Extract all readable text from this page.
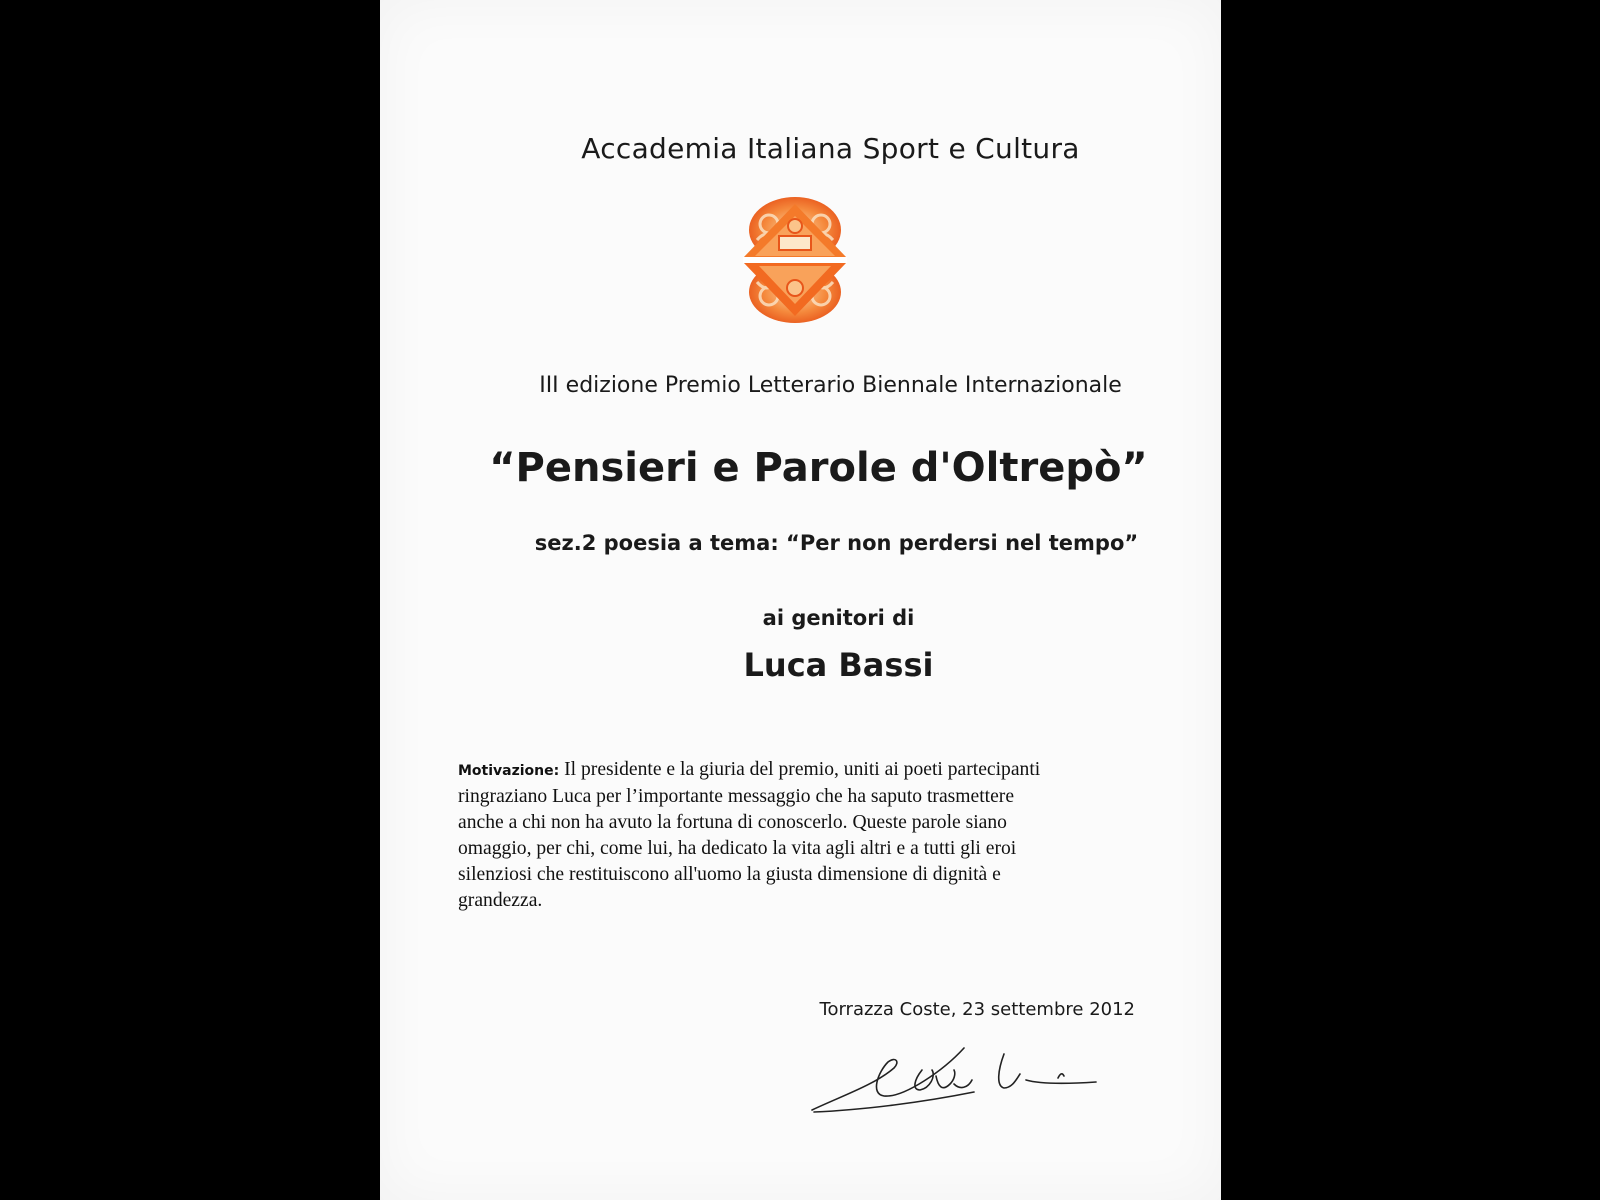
Accademia Italiana Sport e Cultura
III edizione Premio Letterario Biennale Internazionale
“Pensieri e Parole d'Oltrepò”
sez.2 poesia a tema: “Per non perdersi nel tempo”
ai genitori di
Luca Bassi
Motivazione: Il presidente e la giuria del premio, uniti ai poeti partecipanti
ringraziano Luca per l’importante messaggio che ha saputo trasmettere
anche a chi non ha avuto la fortuna di conoscerlo. Queste parole siano
omaggio, per chi, come lui, ha dedicato la vita agli altri e a tutti gli eroi
silenziosi che restituiscono all'uomo la giusta dimensione di dignità e
grandezza.
Torrazza Coste, 23 settembre 2012
